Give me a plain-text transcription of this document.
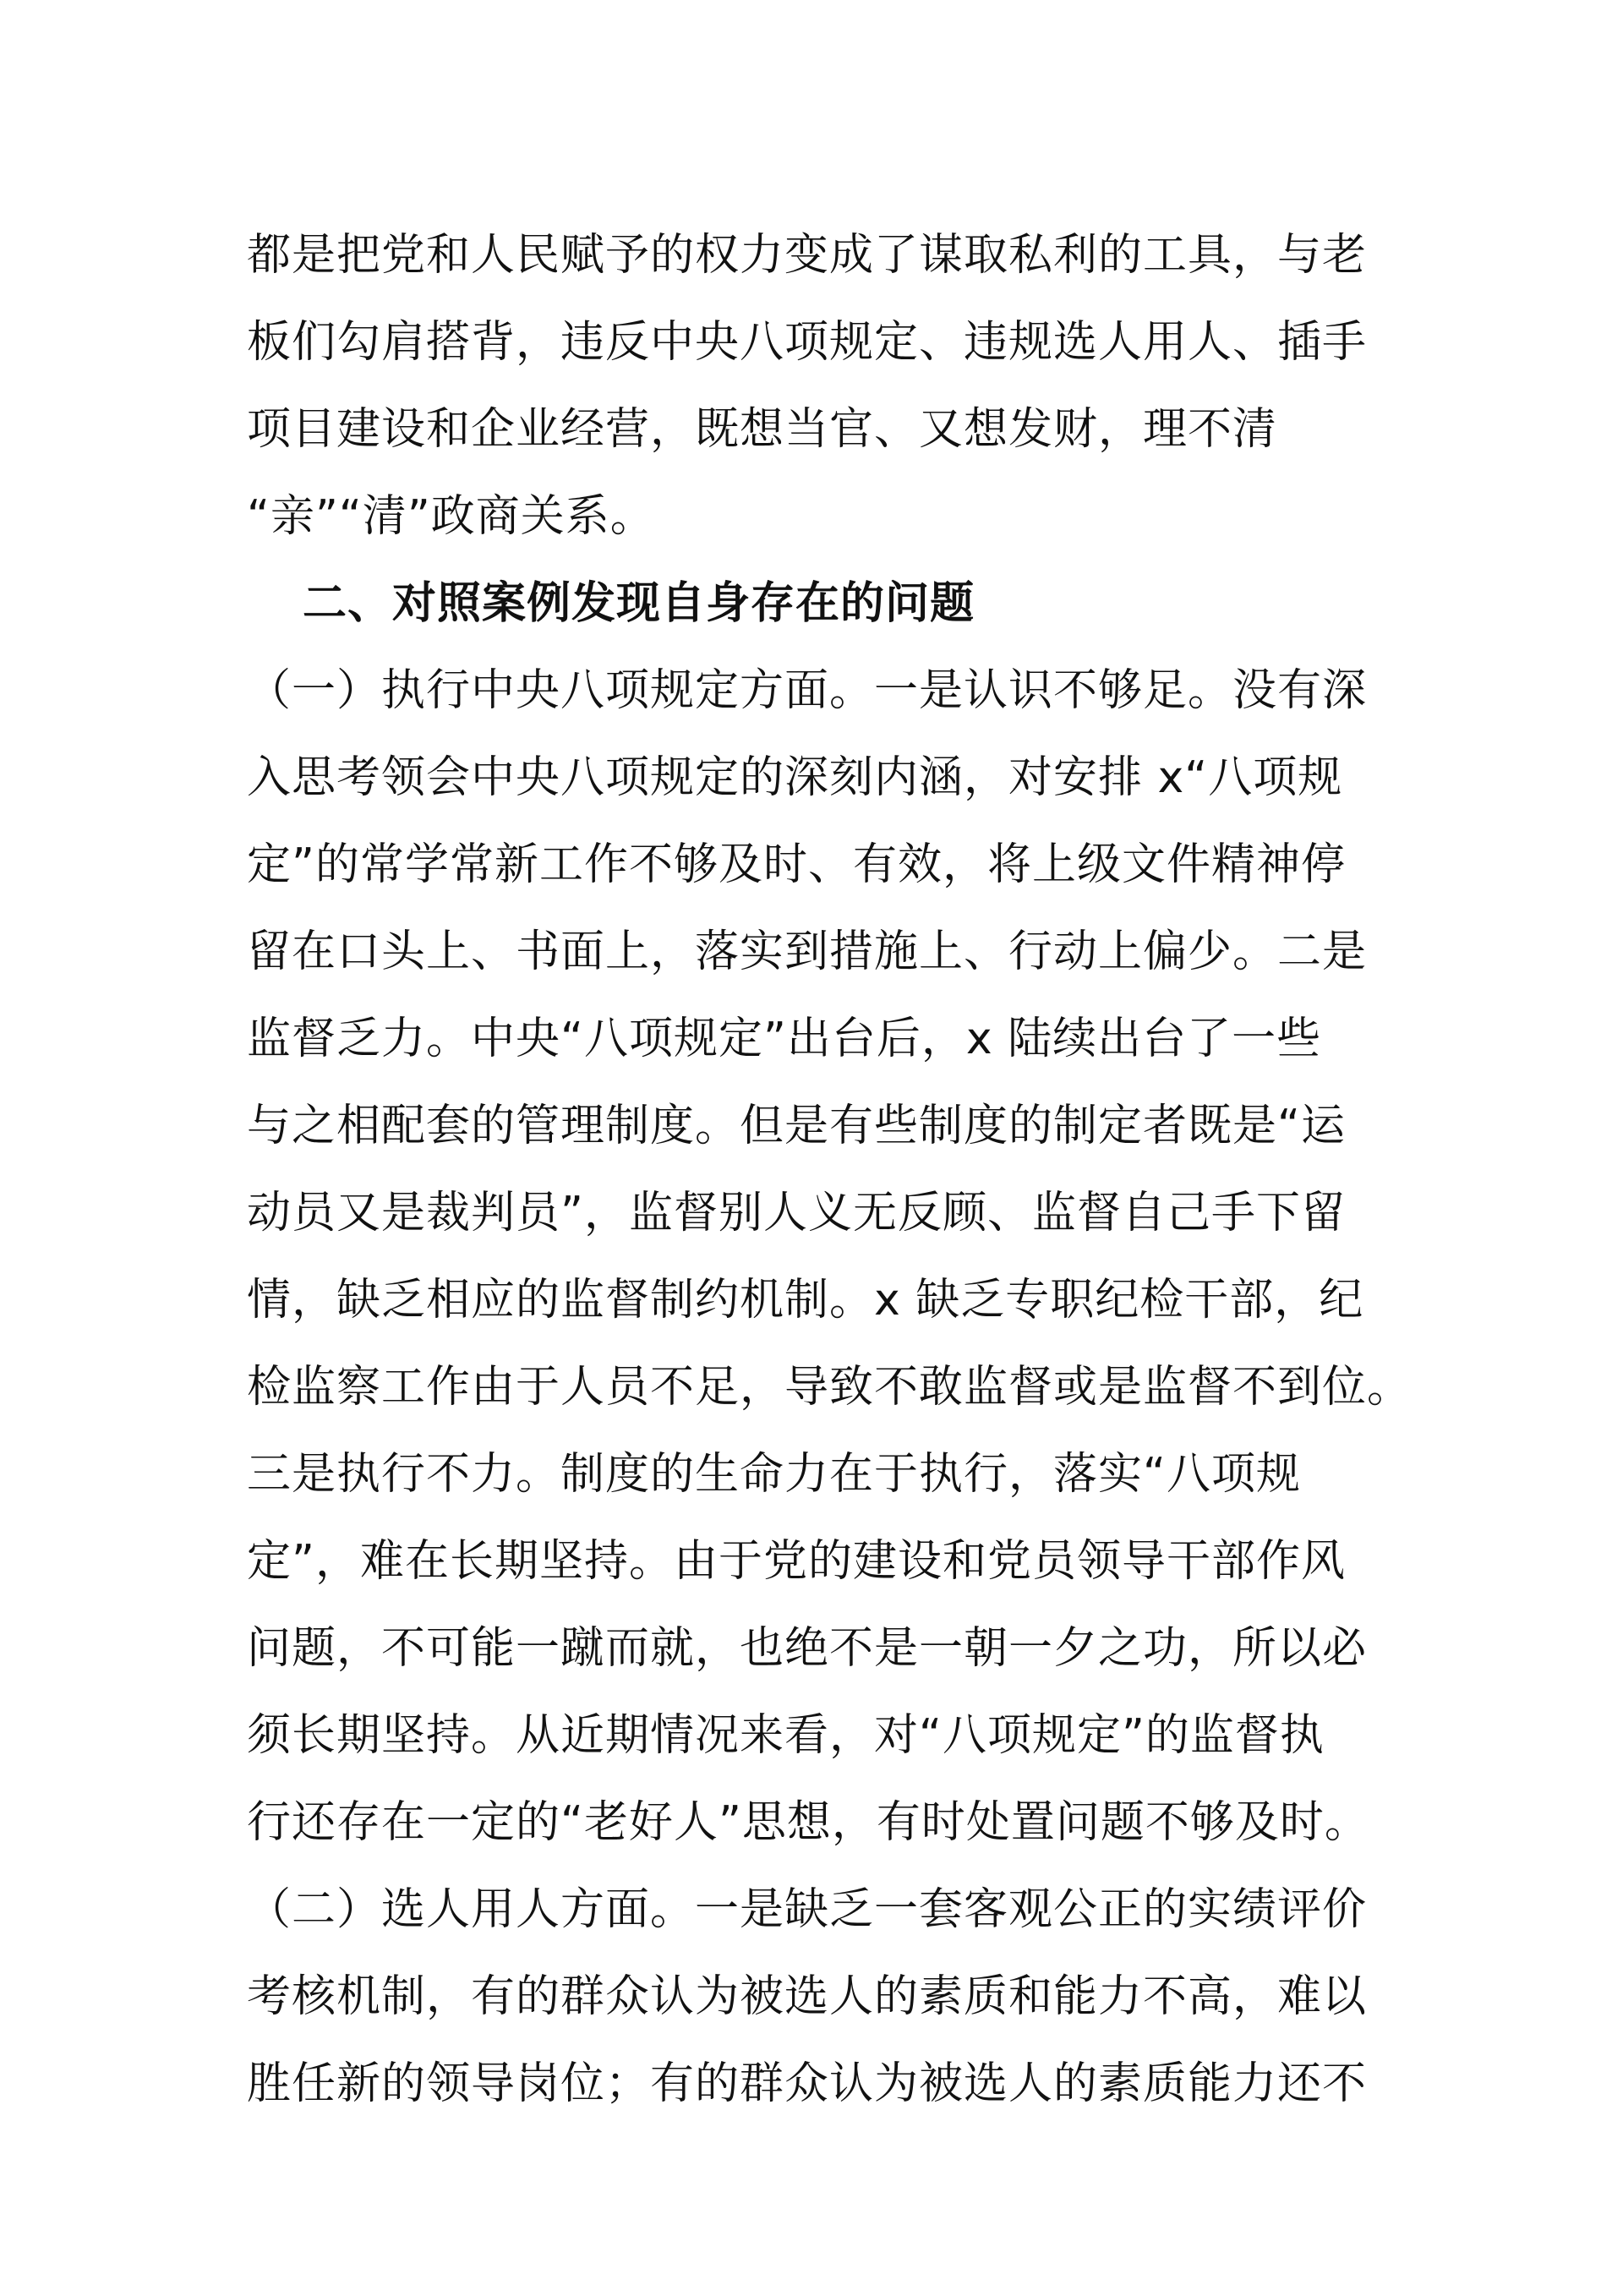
都是把党和人民赋予的权力变成了谋取私利的工具，与老
板们勾肩搭背，违反中央八项规定、违规选人用人、插手
项目建设和企业经营，既想当官、又想发财，理不清
“亲”“清”政商关系。
二、对照案例发现自身存在的问题
（一）执行中央八项规定方面。一是认识不够足。没有深
入思考领会中央八项规定的深刻内涵，对安排 x“八项规
定”的常学常新工作不够及时、有效，将上级文件精神停
留在口头上、书面上，落实到措施上、行动上偏少。二是
监督乏力。中央“八项规定”出台后，x 陆续出台了一些
与之相配套的管理制度。但是有些制度的制定者既是“运
动员又是裁判员”，监督别人义无反顾、监督自己手下留
情，缺乏相应的监督制约机制。x 缺乏专职纪检干部，纪
检监察工作由于人员不足，导致不敢监督或是监督不到位。
三是执行不力。制度的生命力在于执行，落实“八项规
定”，难在长期坚持。由于党的建设和党员领导干部作风
问题，不可能一蹴而就，也绝不是一朝一夕之功，所以必
须长期坚持。从近期情况来看，对“八项规定”的监督执
行还存在一定的“老好人”思想，有时处置问题不够及时。
（二）选人用人方面。一是缺乏一套客观公正的实绩评价
考核机制，有的群众认为被选人的素质和能力不高，难以
胜任新的领导岗位；有的群众认为被选人的素质能力还不
